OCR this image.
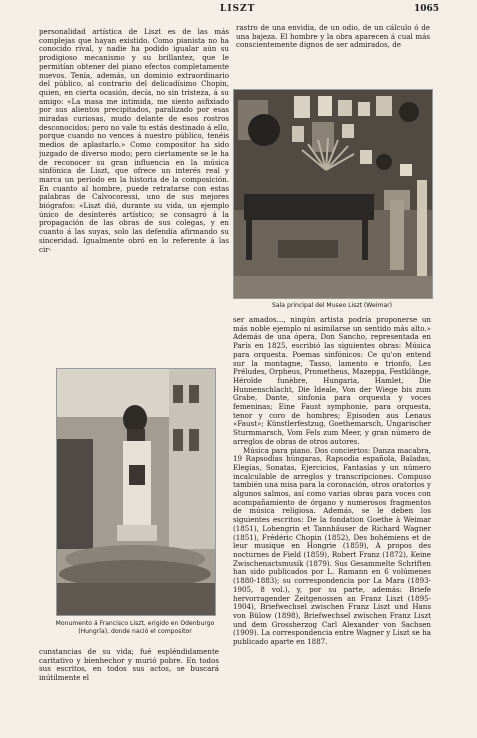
LISZT	1065

personalidad artística de Liszt es de las más complejas que hayan existido. Como pianista no ha conocido rival, y nadie ha podido igualar aún su prodigioso mecanismo y su brillantez, que le permitían obtener del piano efectos completamente nuevos. Tenía, además, un dominio extraordinario del público, al contrario del delicadísimo Chopin, quien, en cierta ocasión, decía, no sin tristeza, á su amigo: «La masa me intimida, me siento asfixiado por sus alientos precipitados, paralizado por esas miradas curiosas, mudo delante de esos rostros desconocidos; pero no vale tu estás destinado á ello, porque cuando no vences á nuestro público, tenéis medios de aplastarlo.» Como compositor ha sido juzgado de diverso modo; pero ciertamente se le ha de reconocer su gran influencia en la música sinfónica de Liszt, que ofrece un interés real y marca un período en la historia de la composición. En cuanto al hombre, puede retratarse con estas palabras de Calvocoressi, uno de sus mejores biógrafos: «Liszt dió, durante su vida, un ejemplo único de desinterés artístico; se consagró á la propagación de las obras de sus colegas, y en cuanto á las suyas, solo las defendía afirmando su sinceridad. Igualmente obró en lo referente á las cir-

rastro de una envidia, de un odio, de un cálculo ó de una bajeza. El hombre y la obra aparecen á cual más conscientemente dignos de ser admirados, de

Sala principal del Museo Liszt (Weimar)

ser amados..., ningún artista podría proponerse un más noble ejemplo ni asimilarse un sentido más alto.» Además de una ópera, Don Sancho, representada en París en 1825, escribió las siguientes obras: Música para orquesta. Poemas sinfónicos: Ce qu'on entend sur la montagne, Tasso, lamento e trionfo, Les Préludes, Orpheus, Prometheus, Mazeppa, Festklänge, Héroïde funèbre, Hungaria, Hamlet, Die Hunnenschlacht, Die Ideale, Von der Wiege bis zum Grabe, Dante, sinfonía para orquesta y voces femeninas; Eine Faust symphonie, para orquesta, tenor y coro de hombres; Episoden aus Lenaus «Faust»; Künstlerfestzug, Goethemarsch, Ungarischer Sturmmarsch, Vom Fels zum Meer, y gran número de arreglos de obras de otros autores.

Música para piano. Dos conciertos: Danza macabra, 19 Rapsodias húngaras, Rapsodia española, Baladas, Elegías, Sonatas, Ejercicios, Fantasías y un número incalculable de arreglos y transcripciones. Compuso también una misa para la coronación, otros oratorios y algunos salmos, así como varias obras para voces con acompañamiento de órgano y numerosos fragmentos de música religiosa. Además, se le deben los siguientes escritos: De la fondation Goethe à Weimar (1851), Lohengrin et Tannhäuser de Richard Wagner (1851), Frédéric Chopin (1852), Des bohémiens et de leur musique en Hongrie (1859), À propos des nocturnes de Field (1859), Robert Franz (1872), Keine Zwischenactsmusik (1879). Sus Gesammelte Schriften han sido publicados por L. Ramann en 6 volúmenes (1880-1883); su correspondencia por La Mara (1893-1905, 8 vol.), y, por su parte, además: Briefe hervorragender Zeitgenossen an Franz Liszt (1895-1904), Briefwechsel zwischen Franz Liszt und Hans von Bülow (1898), Briefwechsel zwischen Franz Liszt und dem Grossherzog Carl Alexander von Sachsen (1909). La correspondencia entre Wagner y Liszt se ha publicado aparte en 1887.

Monumento á Francisco Liszt, erigido en Odenburgo (Hungría), donde nació el compositor

cunstancias de su vida; fué espléndidamente caritativo y bienhechor y murió pobre. En todos sus escritos, en todos sus actos, se buscará inútilmente el
